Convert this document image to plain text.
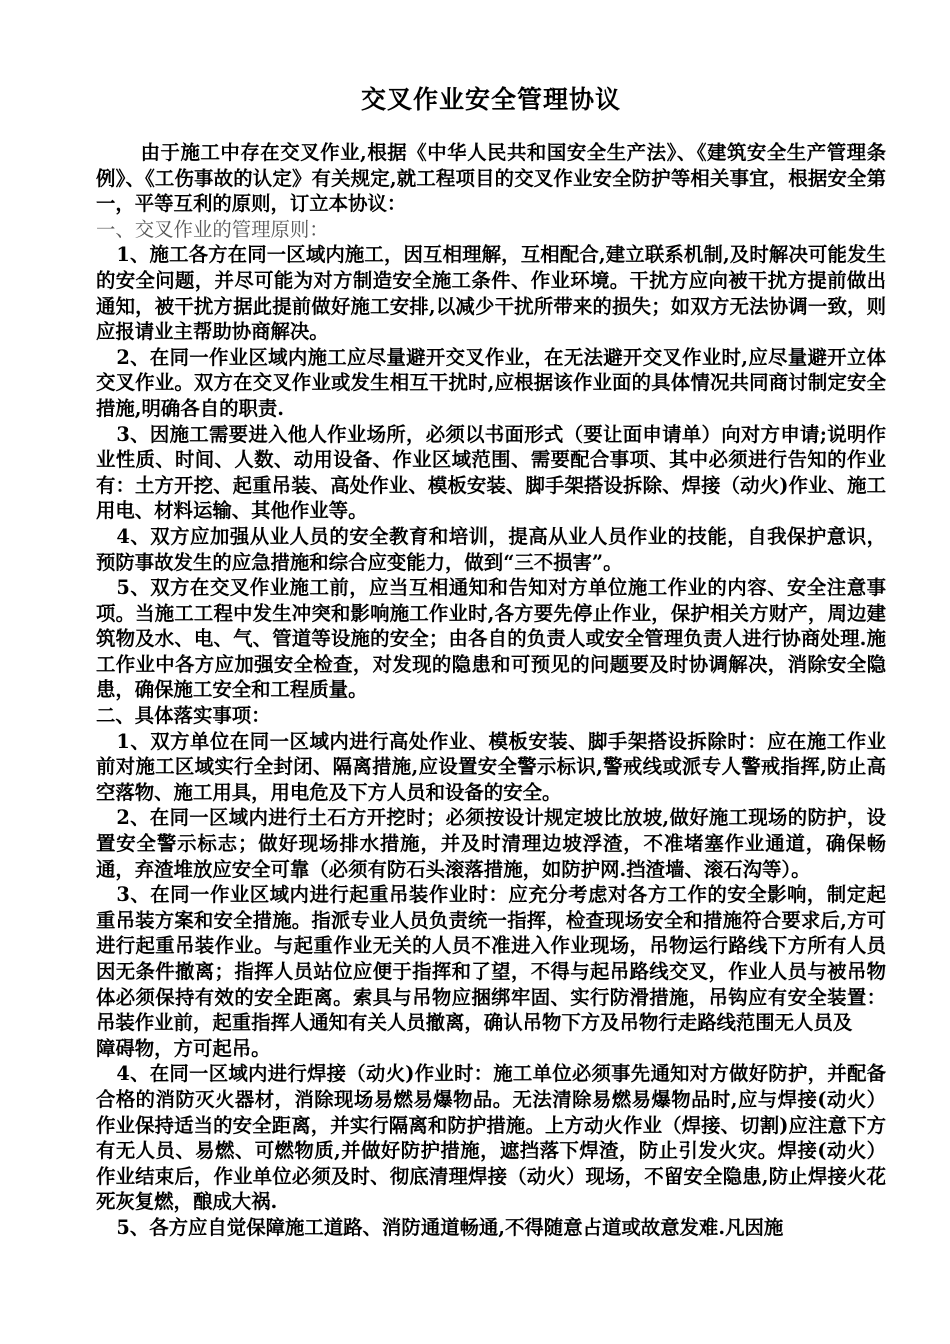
交叉作业安全管理协议

由于施工中存在交叉作业,根据《中华人民共和国安全生产法》、《建筑安全生产管理条例》、《工伤事故的认定》有关规定,就工程项目的交叉作业安全防护等相关事宜，根据安全第一，平等互利的原则，订立本协议：

一、交叉作业的管理原则：

1、施工各方在同一区域内施工，因互相理解，互相配合,建立联系机制,及时解决可能发生的安全问题，并尽可能为对方制造安全施工条件、作业环境。干扰方应向被干扰方提前做出通知，被干扰方据此提前做好施工安排,以减少干扰所带来的损失；如双方无法协调一致，则应报请业主帮助协商解决。

2、在同一作业区域内施工应尽量避开交叉作业，在无法避开交叉作业时,应尽量避开立体交叉作业。双方在交叉作业或发生相互干扰时,应根据该作业面的具体情况共同商讨制定安全措施,明确各自的职责.

3、因施工需要进入他人作业场所，必须以书面形式（要让面申请单）向对方申请;说明作业性质、时间、人数、动用设备、作业区域范围、需要配合事项、其中必须进行告知的作业有：土方开挖、起重吊装、高处作业、模板安装、脚手架搭设拆除、焊接（动火)作业、施工用电、材料运输、其他作业等。

4、双方应加强从业人员的安全教育和培训，提高从业人员作业的技能，自我保护意识，预防事故发生的应急措施和综合应变能力，做到“三不损害”。

5、双方在交叉作业施工前，应当互相通知和告知对方单位施工作业的内容、安全注意事项。当施工工程中发生冲突和影响施工作业时,各方要先停止作业，保护相关方财产，周边建筑物及水、电、气、管道等设施的安全；由各自的负责人或安全管理负责人进行协商处理.施工作业中各方应加强安全检查，对发现的隐患和可预见的问题要及时协调解决，消除安全隐患，确保施工安全和工程质量。

二、具体落实事项：

1、双方单位在同一区域内进行高处作业、模板安装、脚手架搭设拆除时：应在施工作业前对施工区域实行全封闭、隔离措施,应设置安全警示标识,警戒线或派专人警戒指挥,防止高空落物、施工用具，用电危及下方人员和设备的安全。

2、在同一区域内进行土石方开挖时；必须按设计规定坡比放坡,做好施工现场的防护，设置安全警示标志；做好现场排水措施，并及时清理边坡浮渣，不准堵塞作业通道，确保畅通，弃渣堆放应安全可靠（必须有防石头滚落措施，如防护网.挡渣墙、滚石沟等）。

3、在同一作业区域内进行起重吊装作业时：应充分考虑对各方工作的安全影响，制定起重吊装方案和安全措施。指派专业人员负责统一指挥，检查现场安全和措施符合要求后,方可进行起重吊装作业。与起重作业无关的人员不准进入作业现场，吊物运行路线下方所有人员因无条件撤离；指挥人员站位应便于指挥和了望，不得与起吊路线交叉，作业人员与被吊物体必须保持有效的安全距离。索具与吊物应捆绑牢固、实行防滑措施，吊钩应有安全装置：吊装作业前，起重指挥人通知有关人员撤离，确认吊物下方及吊物行走路线范围无人员及

障碍物，方可起吊。

4、在同一区域内进行焊接（动火)作业时：施工单位必须事先通知对方做好防护，并配备合格的消防灭火器材，消除现场易燃易爆物品。无法清除易燃易爆物品时,应与焊接(动火）作业保持适当的安全距离，并实行隔离和防护措施。上方动火作业（焊接、切割)应注意下方有无人员、易燃、可燃物质,并做好防护措施，遮挡落下焊渣，防止引发火灾。焊接(动火）作业结束后，作业单位必须及时、彻底清理焊接（动火）现场，不留安全隐患,防止焊接火花死灰复燃，酿成大祸.

5、各方应自觉保障施工道路、消防通道畅通,不得随意占道或故意发难.凡因施
